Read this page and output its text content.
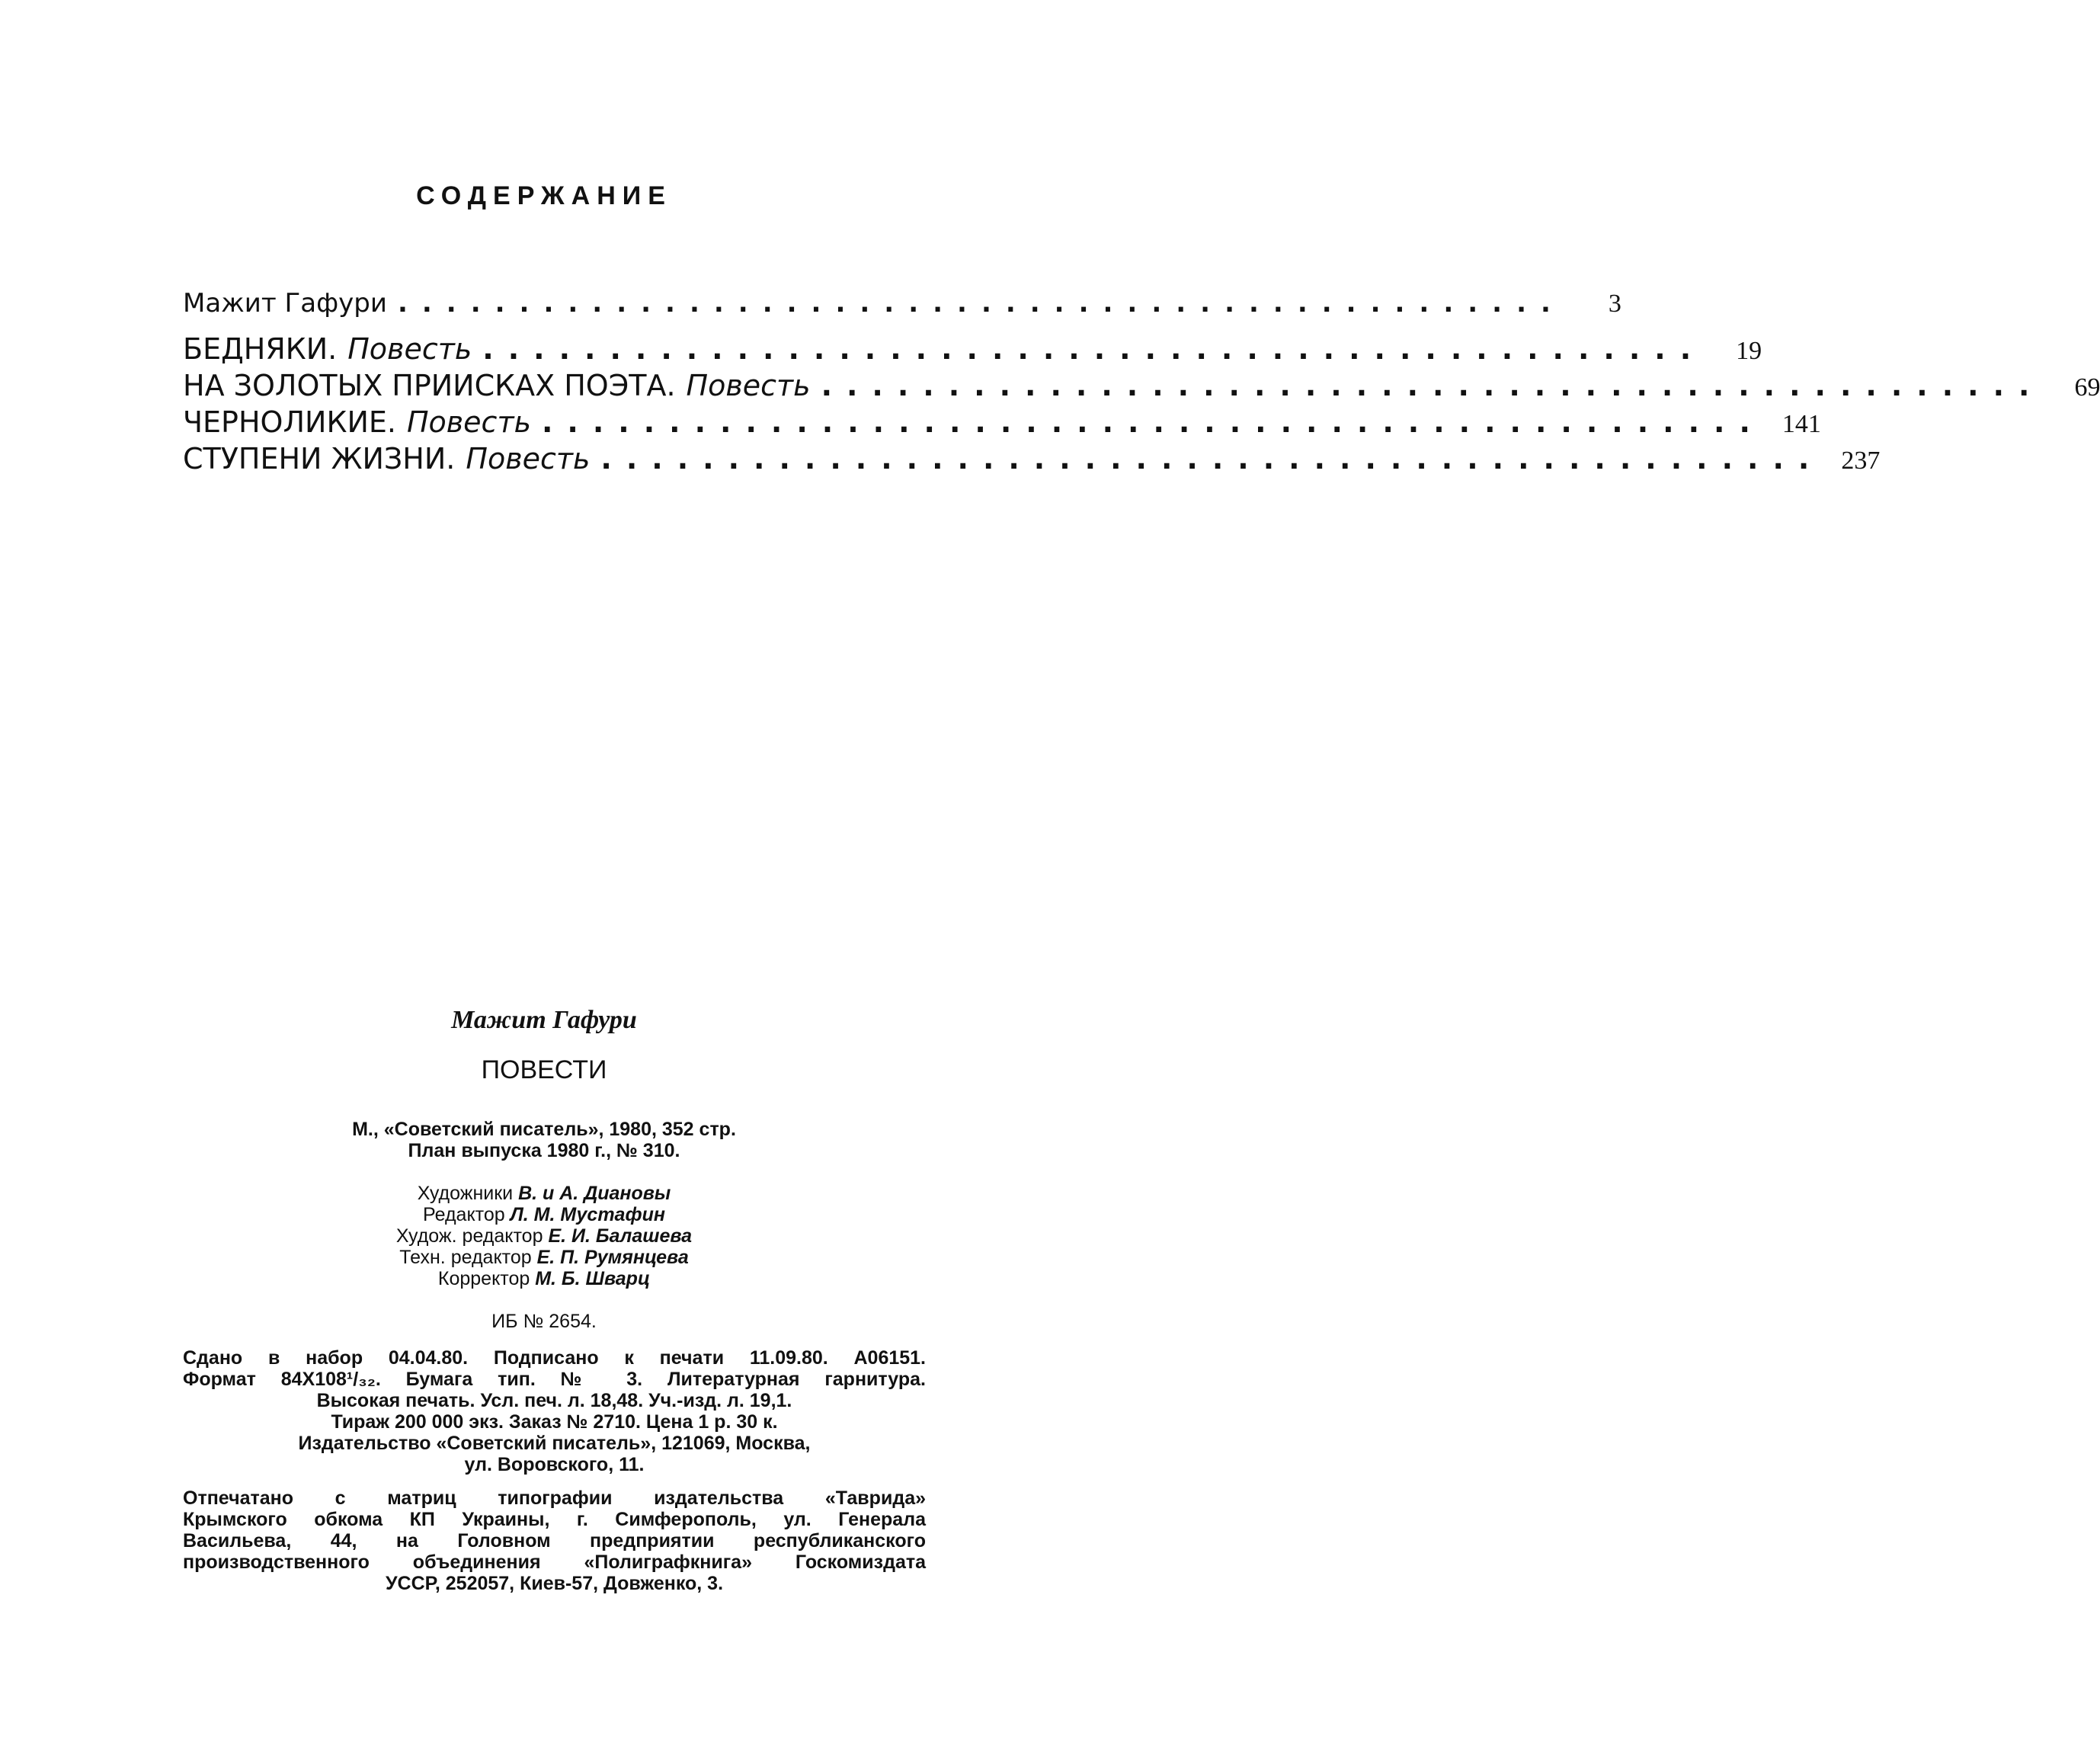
СОДЕРЖАНИЕ
Мажит Гафури ................................................	3
БЕДНЯКИ. Повесть ................................................	19
НА ЗОЛОТЫХ ПРИИСКАХ ПОЭТА. Повесть ................................................	69
ЧЕРНОЛИКИЕ. Повесть ................................................ 141
СТУПЕНИ ЖИЗНИ. Повесть ................................................ 237
Мажит Гафури
ПОВЕСТИ
М., «Советский писатель», 1980, 352 стр.
План выпуска 1980 г., № 310.
Художники В. и А. Диановы
Редактор Л. М. Мустафин
Худож. редактор Е. И. Балашева
Техн. редактор Е. П. Румянцева
Корректор М. Б. Шварц
ИБ № 2654.
Сдано в набор 04.04.80. Подписано к печати 11.09.80. А06151.
Формат 84Х108¹/₃₂. Бумага тип. № 3. Литературная гарнитура.
Высокая печать. Усл. печ. л. 18,48. Уч.-изд. л. 19,1.
Тираж 200 000 экз. Заказ № 2710. Цена 1 р. 30 к.
Издательство «Советский писатель», 121069, Москва,
ул. Воровского, 11.
Отпечатано с матриц типографии издательства «Таврида»
Крымского обкома КП Украины, г. Симферополь, ул. Генерала
Васильева, 44, на Головном предприятии республиканского
производственного объединения «Полиграфкнига» Госкомиздата
УССР, 252057, Киев-57, Довженко, 3.
